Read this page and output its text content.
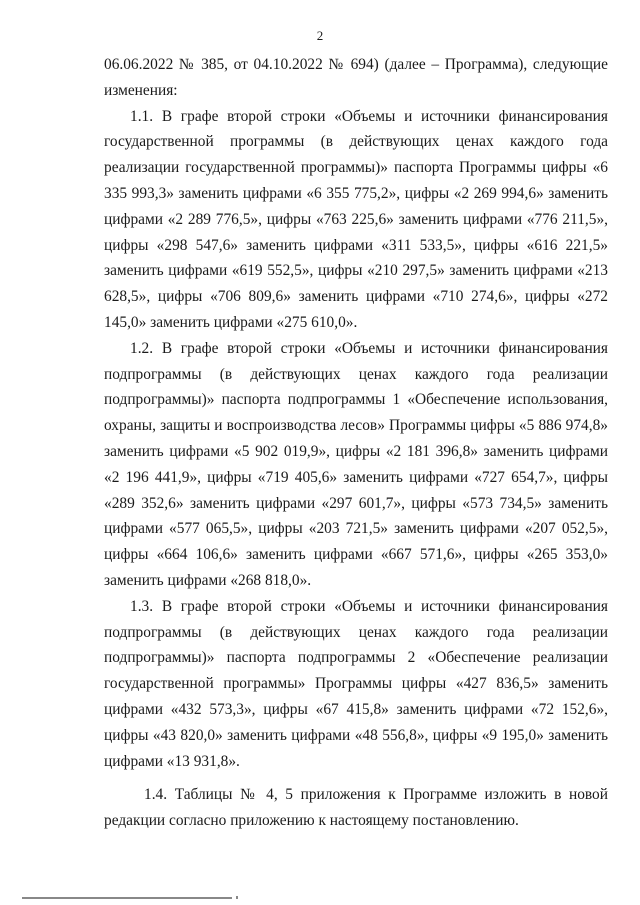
2

06.06.2022 № 385, от 04.10.2022 № 694) (далее – Программа), следующие изменения:

1.1. В графе второй строки «Объемы и источники финансирования государственной программы (в действующих ценах каждого года реализации государственной программы)» паспорта Программы цифры «6 335 993,3» заменить цифрами «6 355 775,2», цифры «2 269 994,6» заменить цифрами «2 289 776,5», цифры «763 225,6» заменить цифрами «776 211,5», цифры «298 547,6» заменить цифрами «311 533,5», цифры «616 221,5» заменить цифрами «619 552,5», цифры «210 297,5» заменить цифрами «213 628,5», цифры «706 809,6» заменить цифрами «710 274,6», цифры «272 145,0» заменить цифрами «275 610,0».

1.2. В графе второй строки «Объемы и источники финансирования подпрограммы (в действующих ценах каждого года реализации подпрограммы)» паспорта подпрограммы 1 «Обеспечение использования, охраны, защиты и воспроизводства лесов» Программы цифры «5 886 974,8» заменить цифрами «5 902 019,9», цифры «2 181 396,8» заменить цифрами «2 196 441,9», цифры «719 405,6» заменить цифрами «727 654,7», цифры «289 352,6» заменить цифрами «297 601,7», цифры «573 734,5» заменить цифрами «577 065,5», цифры «203 721,5» заменить цифрами «207 052,5», цифры «664 106,6» заменить цифрами «667 571,6», цифры «265 353,0» заменить цифрами «268 818,0».

1.3. В графе второй строки «Объемы и источники финансирования подпрограммы (в действующих ценах каждого года реализации подпрограммы)» паспорта подпрограммы 2 «Обеспечение реализации государственной программы» Программы цифры «427 836,5» заменить цифрами «432 573,3», цифры «67 415,8» заменить цифрами «72 152,6», цифры «43 820,0» заменить цифрами «48 556,8», цифры «9 195,0» заменить цифрами «13 931,8».

1.4. Таблицы № 4, 5 приложения к Программе изложить в новой редакции согласно приложению к настоящему постановлению.
